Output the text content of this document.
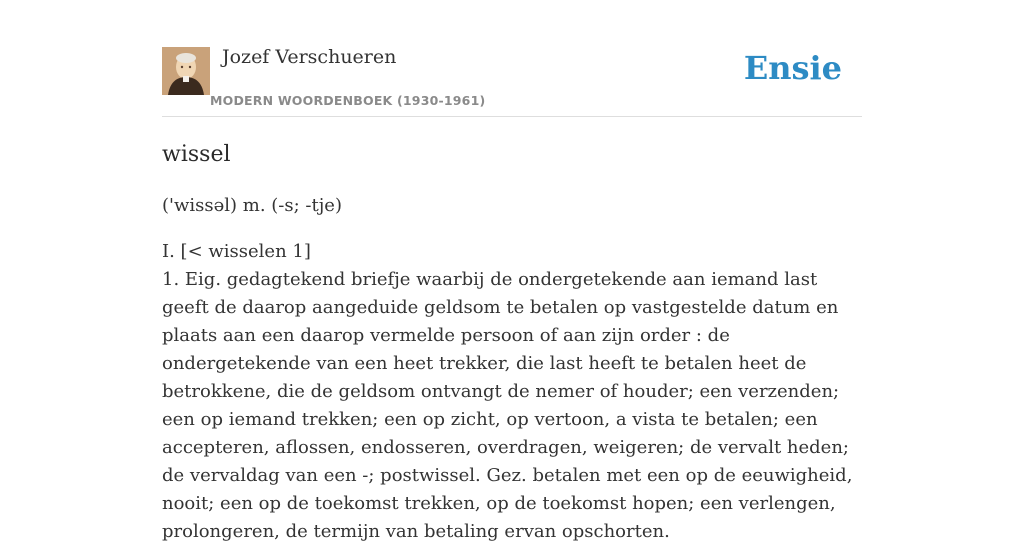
Jozef Verschueren
MODERN WOORDENBOEK (1930-1961)
Ensie
wissel

('wissəl) m. (-s; -tje)

I. [< wisselen 1]
1. Eig. gedagtekend briefje waarbij de ondergetekende aan iemand last geeft de daarop aangeduide geldsom te betalen op vastgestelde datum en plaats aan een daarop vermelde persoon of aan zijn order : de ondergetekende van een heet trekker, die last heeft te betalen heet de betrokkene, die de geldsom ontvangt de nemer of houder; een verzenden; een op iemand trekken; een op zicht, op vertoon, a vista te betalen; een accepteren, aflossen, endosseren, overdragen, weigeren; de vervalt heden; de vervaldag van een -; postwissel. Gez. betalen met een op de eeuwigheid, nooit; een op de toekomst trekken, op de toekomst hopen; een verlengen, prolongeren, de termijn van betaling ervan opschorten.
